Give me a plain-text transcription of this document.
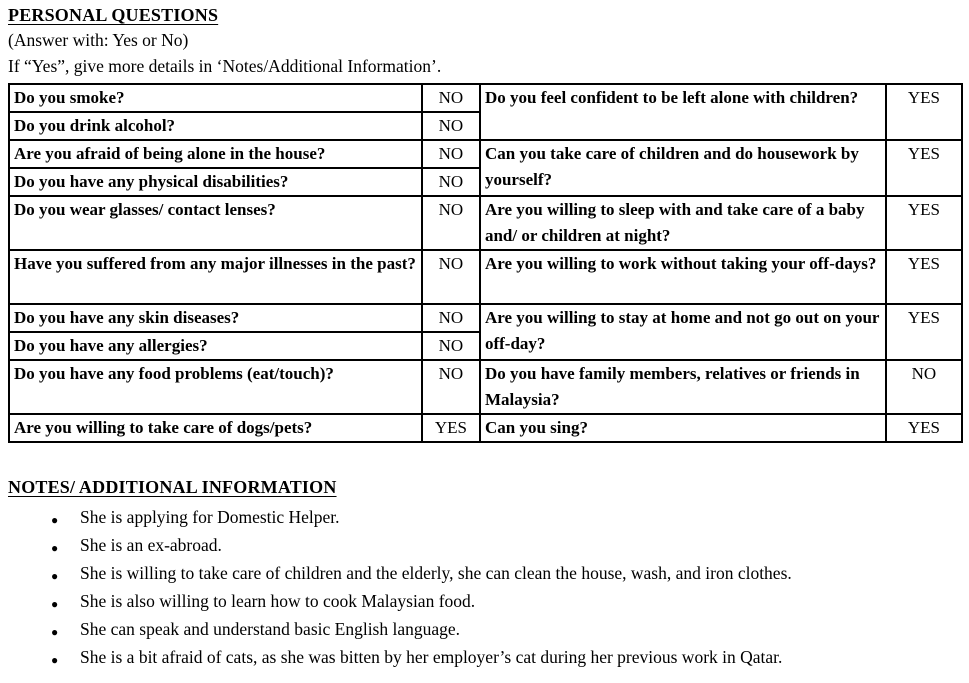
PERSONAL QUESTIONS
(Answer with: Yes or No)
If “Yes”, give more details in ‘Notes/Additional Information’.
Do you smoke?	NO	Do you feel confident to be left alone with children?	YES
Do you drink alcohol?	NO		
Are you afraid of being alone in the house?	NO	Can you take care of children and do housework by yourself?	YES
Do you have any physical disabilities?	NO		
Do you wear glasses/ contact lenses?	NO	Are you willing to sleep with and take care of a baby and/ or children at night?	YES
Have you suffered from any major illnesses in the past?	NO	Are you willing to work without taking your off-days?	YES
Do you have any skin diseases?	NO	Are you willing to stay at home and not go out on your off-day?	YES
Do you have any allergies?	NO		
Do you have any food problems (eat/touch)?	NO	Do you have family members, relatives or friends in Malaysia?	NO
Are you willing to take care of dogs/pets?	YES	Can you sing?	YES
NOTES/ ADDITIONAL INFORMATION
● She is applying for Domestic Helper.
● She is an ex-abroad.
● She is willing to take care of children and the elderly, she can clean the house, wash, and iron clothes.
● She is also willing to learn how to cook Malaysian food.
● She can speak and understand basic English language.
● She is a bit afraid of cats, as she was bitten by her employer’s cat during her previous work in Qatar.
